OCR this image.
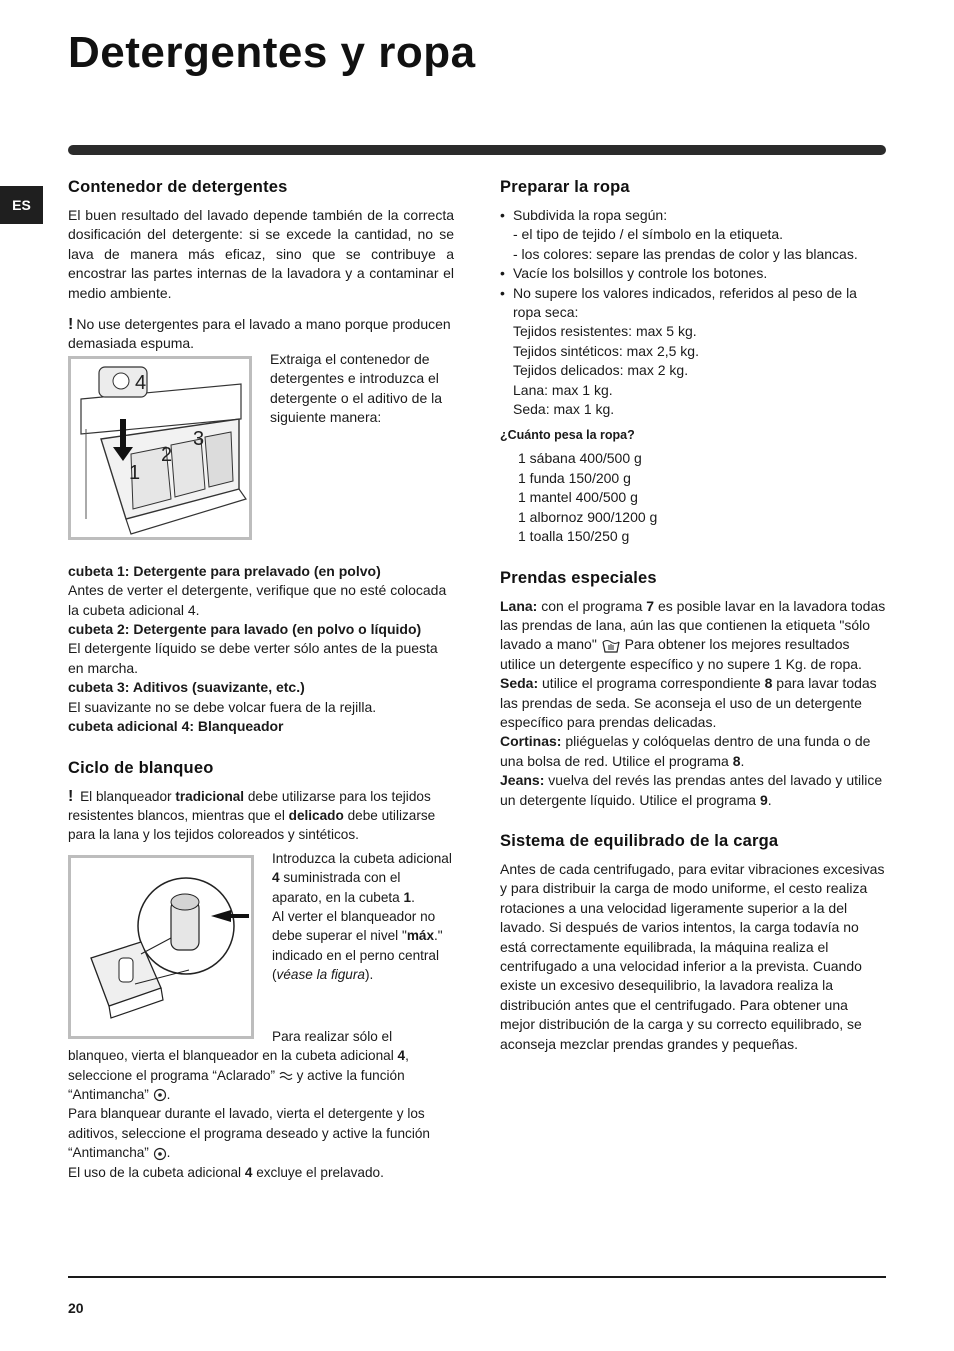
Detergentes y ropa
ES
Contenedor de detergentes

El buen resultado del lavado depende también de la correcta dosificación del detergente: si se excede la cantidad, no se lava de manera más eficaz, sino que se contribuye a encostrar las partes internas de la lavadora y a contaminar el medio ambiente.

! No use detergentes para el lavado a mano porque producen demasiada espuma.

4
1
2
3

Extraiga el contenedor de detergentes e introduzca el detergente o el aditivo de la siguiente manera:

cubeta 1: Detergente para prelavado (en polvo)

Antes de verter el detergente, verifique que no esté colocada la cubeta adicional 4.

cubeta 2: Detergente para lavado (en polvo o líquido)

El detergente líquido se debe verter sólo antes de la puesta en marcha.

cubeta 3: Aditivos (suavizante, etc.)

El suavizante no se debe volcar fuera de la rejilla.

cubeta adicional 4: Blanqueador

Ciclo de blanqueo

! El blanqueador tradicional debe utilizarse para los tejidos resistentes blancos, mientras que el delicado debe utilizarse para la lana y los tejidos coloreados y sintéticos.

Introduzca la cubeta adicional 4 suministrada con el aparato, en la cubeta 1.
Al verter el blanqueador no debe superar el nivel "máx." indicado en el perno central (véase la figura).

Para realizar sólo el blanqueo, vierta el blanqueador en la cubeta adicional 4, seleccione el programa “Aclarado” y active la función “Antimancha” .

Para blanquear durante el lavado, vierta el detergente y los aditivos, seleccione el programa deseado y active la función “Antimancha” .

El uso de la cubeta adicional 4 excluye el prelavado.

Preparar la ropa
• Subdivida la ropa según:
- el tipo de tejido / el símbolo en la etiqueta.
- los colores: separe las prendas de color y las blancas.
• Vacíe los bolsillos y controle los botones.
• No supere los valores indicados, referidos al peso de la ropa seca:
Tejidos resistentes: max 5 kg.
Tejidos sintéticos: max 2,5 kg.
Tejidos delicados: max 2 kg.
Lana: max 1 kg.
Seda: max 1 kg.
¿Cuánto pesa la ropa?

1 sábana 400/500 g

1 funda 150/200 g

1 mantel 400/500 g

1 albornoz 900/1200 g

1 toalla 150/250 g

Prendas especiales

Lana: con el programa 7 es posible lavar en la lavadora todas las prendas de lana, aún las que contienen la etiqueta "sólo lavado a mano" Para obtener los mejores resultados utilice un detergente específico y no supere 1 Kg. de ropa.

Seda: utilice el programa correspondiente 8 para lavar todas las prendas de seda. Se aconseja el uso de un detergente específico para prendas delicadas.

Cortinas: pliéguelas y colóquelas dentro de una funda o de una bolsa de red. Utilice el programa 8.

Jeans: vuelva del revés las prendas antes del lavado y utilice un detergente líquido. Utilice el programa 9.

Sistema de equilibrado de la carga

Antes de cada centrifugado, para evitar vibraciones excesivas y para distribuir la carga de modo uniforme, el cesto realiza rotaciones a una velocidad ligeramente superior a la del lavado. Si después de varios intentos, la carga todavía no está correctamente equilibrada, la máquina realiza el centrifugado a una velocidad inferior a la prevista. Cuando existe un excesivo desequilibrio, la lavadora realiza la distribución antes que el centrifugado. Para obtener una mejor distribución de la carga y su correcto equilibrado, se aconseja mezclar prendas grandes y pequeñas.

20
